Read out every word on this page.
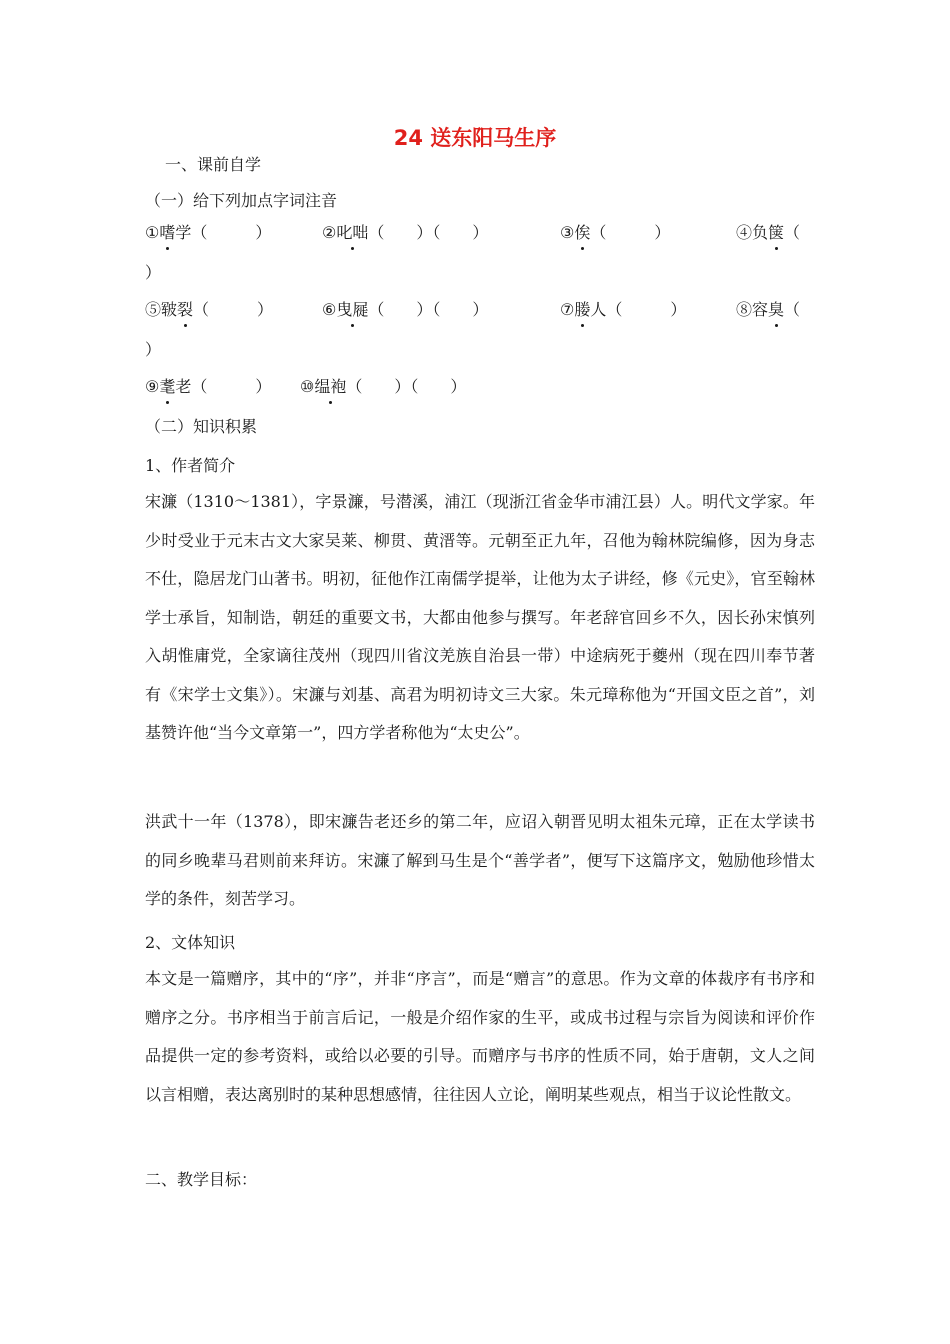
24 送东阳马生序
一、课前自学
（一）给下列加点字词注音
①嗜学（　　　）	②叱咄（　　）（　　）	③俟（　　　）	④负箧（
）
⑤皲裂（　　　）	⑥曳屣（　　）（　　）	⑦媵人（　　　）	⑧容臭（
）
⑨耄老（　　　） ⑩缊袍（　　）（　　）
（二）知识积累
1、作者简介
宋濂（1310～1381），字景濂，号潜溪，浦江（现浙江省金华市浦江县）人。明代文学家。年少时受业于元末古文大家吴莱、柳贯、黄溍等。元朝至正九年，召他为翰林院编修，因为身志不仕，隐居龙门山著书。明初，征他作江南儒学提举，让他为太子讲经，修《元史》，官至翰林学士承旨，知制诰，朝廷的重要文书，大都由他参与撰写。年老辞官回乡不久，因长孙宋慎列入胡惟庸党，全家谪往茂州（现四川省汶羌族自治县一带）中途病死于夔州（现在四川奉节著有《宋学士文集》）。宋濂与刘基、高君为明初诗文三大家。朱元璋称他为“开国文臣之首”，刘基赞许他“当今文章第一”，四方学者称他为“太史公”。
洪武十一年（1378），即宋濂告老还乡的第二年，应诏入朝晋见明太祖朱元璋，正在太学读书的同乡晚辈马君则前来拜访。宋濂了解到马生是个“善学者”，便写下这篇序文，勉励他珍惜太学的条件，刻苦学习。
2、文体知识
本文是一篇赠序，其中的“序”，并非“序言”，而是“赠言”的意思。作为文章的体裁序有书序和赠序之分。书序相当于前言后记，一般是介绍作家的生平，或成书过程与宗旨为阅读和评价作品提供一定的参考资料，或给以必要的引导。而赠序与书序的性质不同，始于唐朝，文人之间以言相赠，表达离别时的某种思想感情，往往因人立论，阐明某些观点，相当于议论性散文。
二、教学目标：
